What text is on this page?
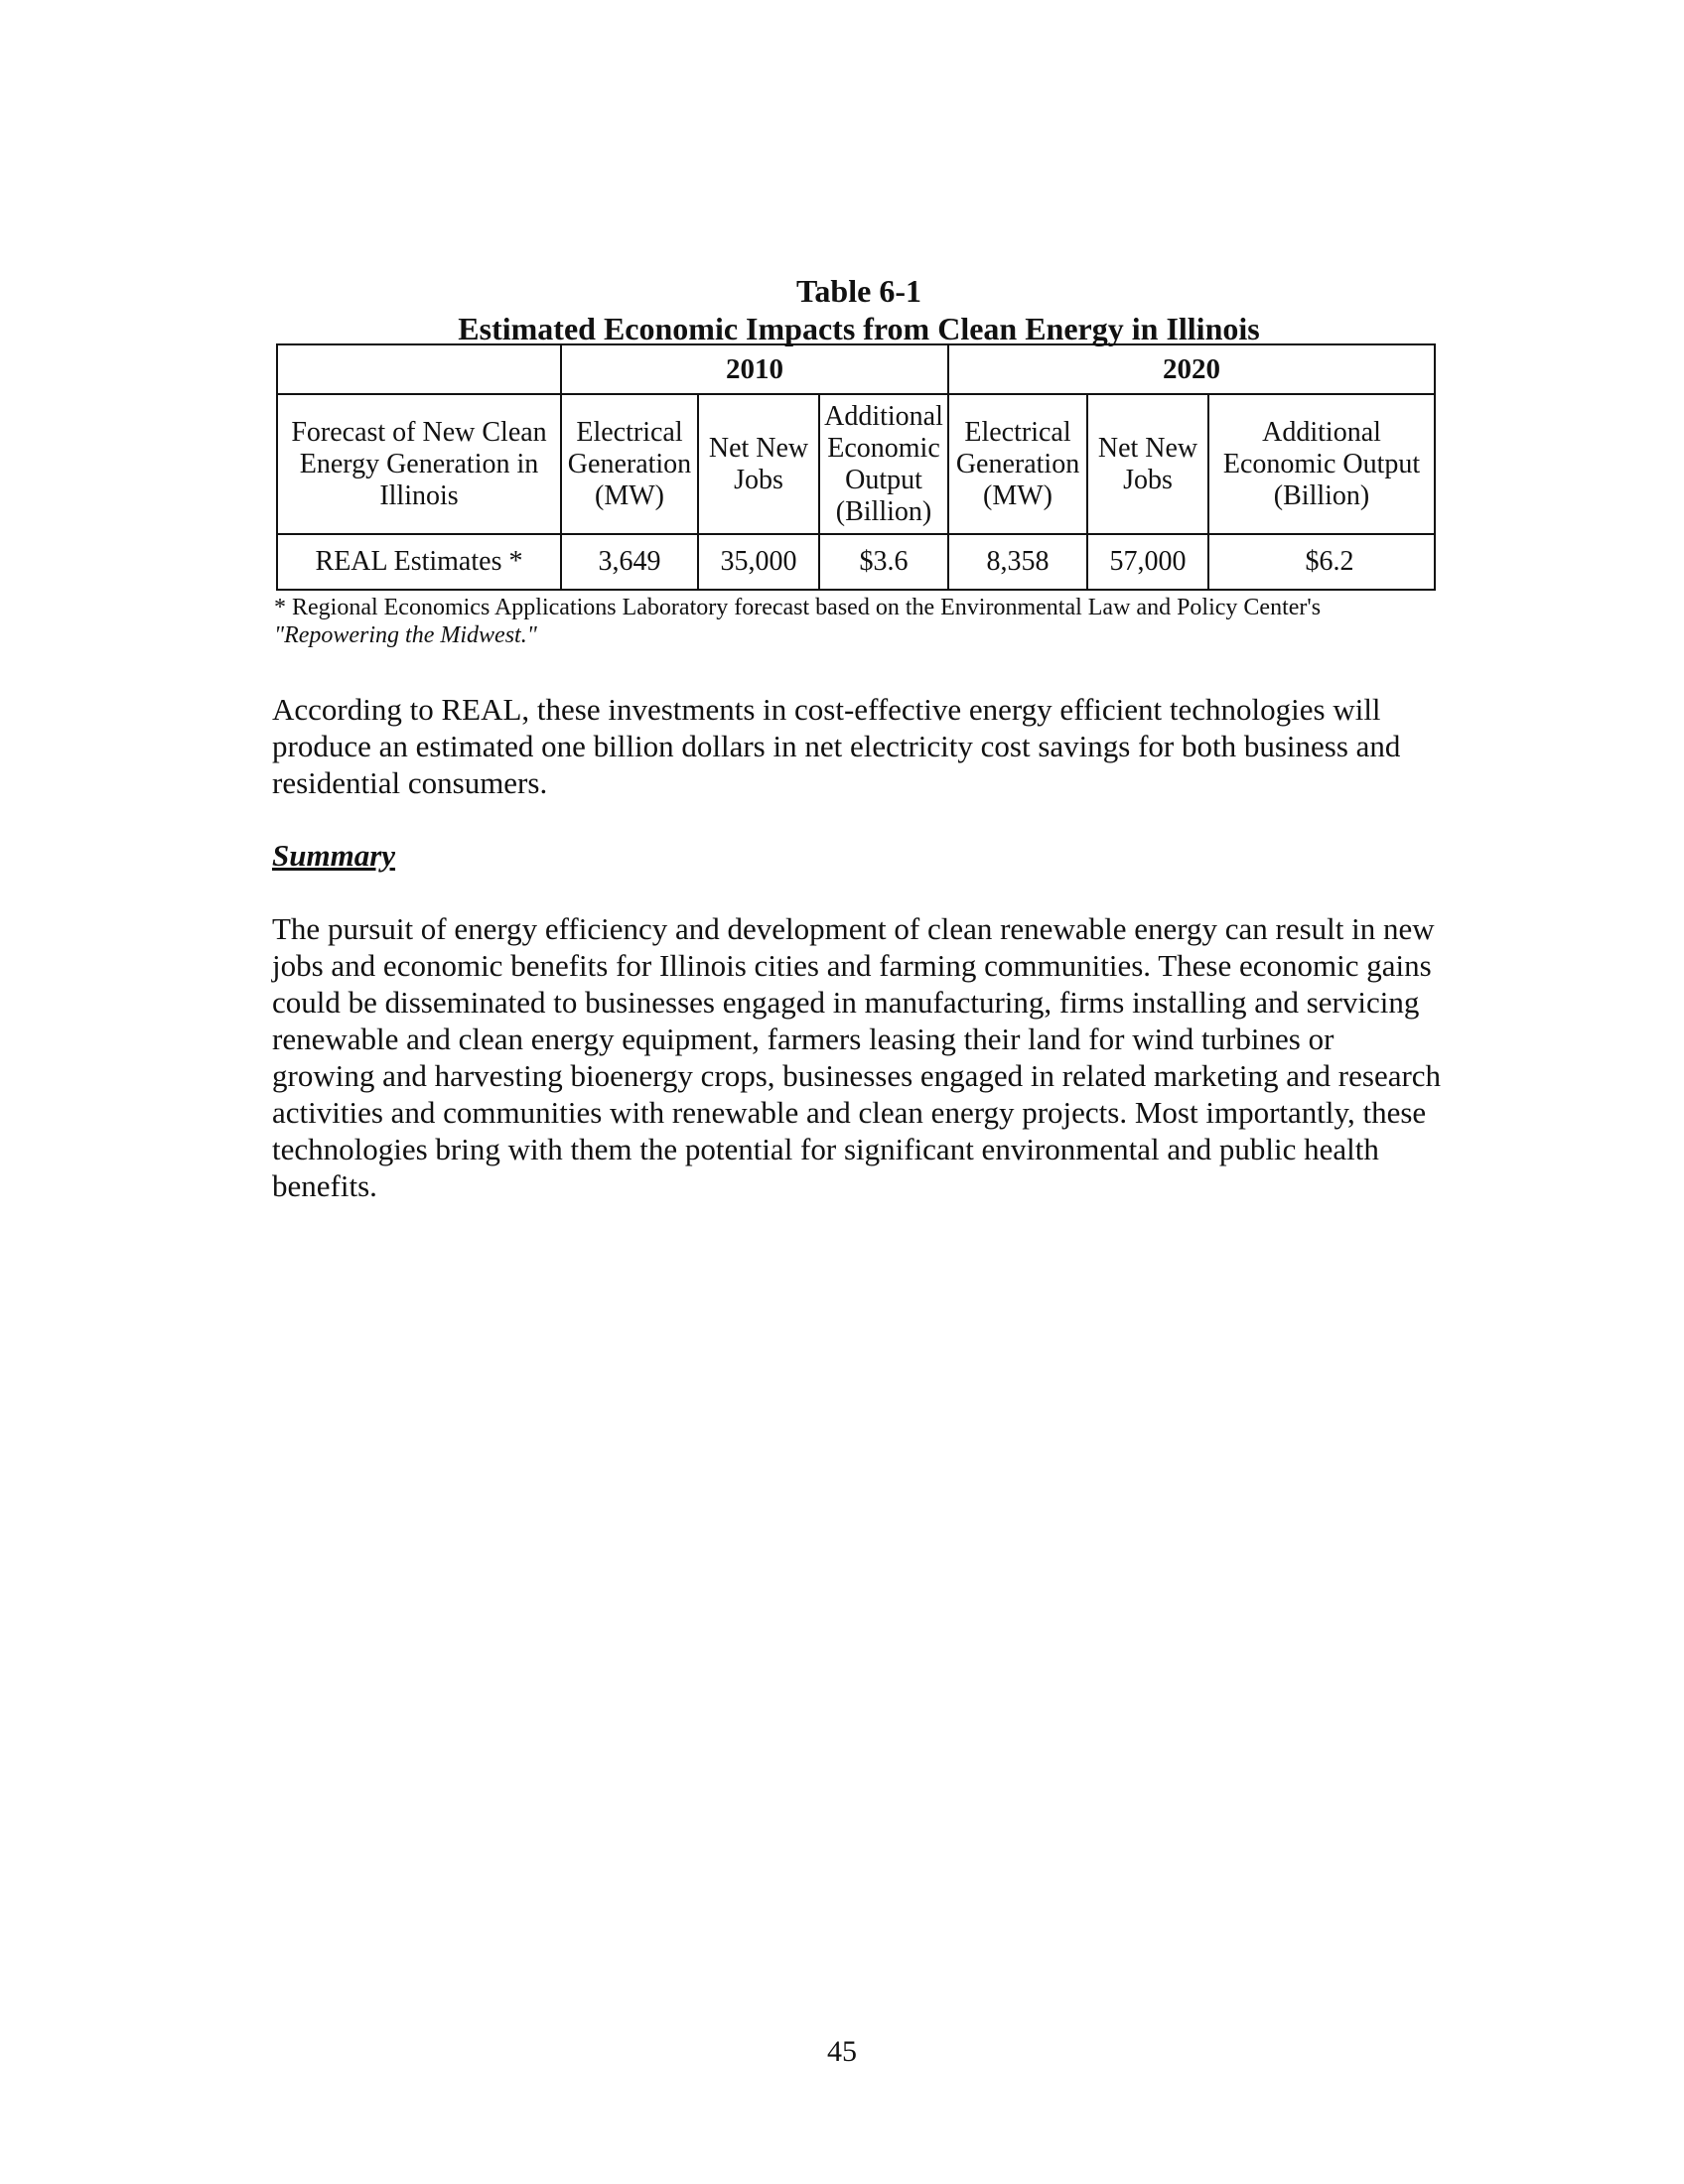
Table 6-1
Estimated Economic Impacts from Clean Energy in Illinois
	2010			2020		
Forecast of New Clean Energy Generation in Illinois	Electrical Generation (MW)	Net New Jobs	Additional Economic Output (Billion)	Electrical Generation (MW)	Net New Jobs	Additional Economic Output (Billion)
REAL Estimates *	3,649	35,000	$3.6	8,358	57,000	$6.2
* Regional Economics Applications Laboratory forecast based on the Environmental Law and Policy Center's "Repowering the Midwest."
According to REAL, these investments in cost-effective energy efficient technologies will produce an estimated one billion dollars in net electricity cost savings for both business and residential consumers.
Summary
The pursuit of energy efficiency and development of clean renewable energy can result in new jobs and economic benefits for Illinois cities and farming communities. These economic gains could be disseminated to businesses engaged in manufacturing, firms installing and servicing renewable and clean energy equipment, farmers leasing their land for wind turbines or growing and harvesting bioenergy crops, businesses engaged in related marketing and research activities and communities with renewable and clean energy projects. Most importantly, these technologies bring with them the potential for significant environmental and public health benefits.
45
